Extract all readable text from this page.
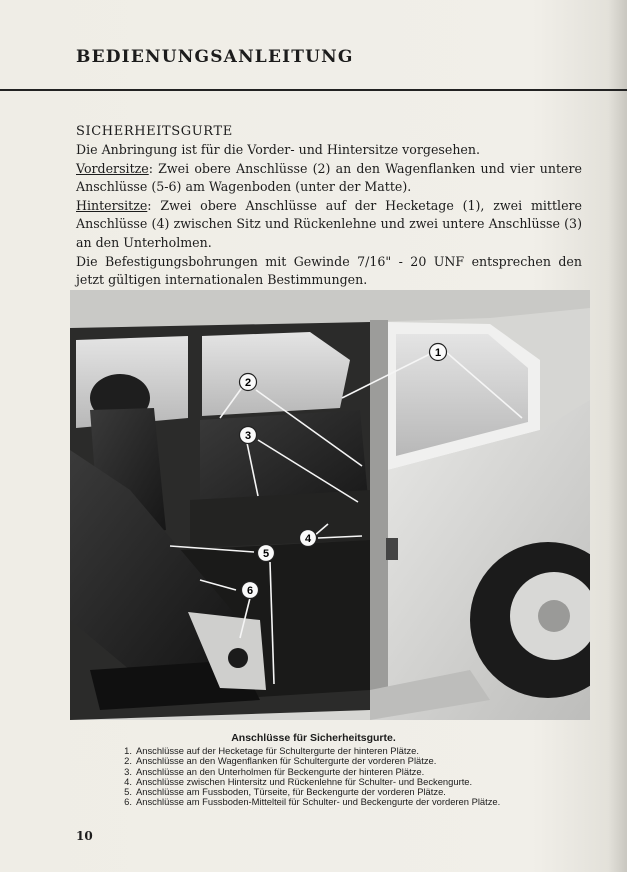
BEDIENUNGSANLEITUNG
SICHERHEITSGURTE

Die Anbringung ist für die Vorder- und Hintersitze vorgesehen.

Vordersitze: Zwei obere Anschlüsse (2) an den Wagenflanken und vier untere Anschlüsse (5-6) am Wagenboden (unter der Matte).

Hintersitze: Zwei obere Anschlüsse auf der Hecketage (1), zwei mittlere Anschlüsse (4) zwischen Sitz und Rückenlehne und zwei untere Anschlüsse (3) an den Unterholmen.

Die Befestigungsbohrungen mit Gewinde 7/16" - 20 UNF entsprechen den jetzt gültigen internationalen Bestimmungen.

1
2
3
4
5
6
Anschlüsse für Sicherheitsgurte.
1. Anschlüsse auf der Hecketage für Schultergurte der hinteren Plätze.
2. Anschlüsse an den Wagenflanken für Schultergurte der vorderen Plätze.
3. Anschlüsse an den Unterholmen für Beckengurte der hinteren Plätze.
4. Anschlüsse zwischen Hintersitz und Rückenlehne für Schulter- und Beckengurte.
5. Anschlüsse am Fussboden, Türseite, für Beckengurte der vorderen Plätze.
6. Anschlüsse am Fussboden-Mittelteil für Schulter- und Beckengurte der vorderen Plätze.
10
